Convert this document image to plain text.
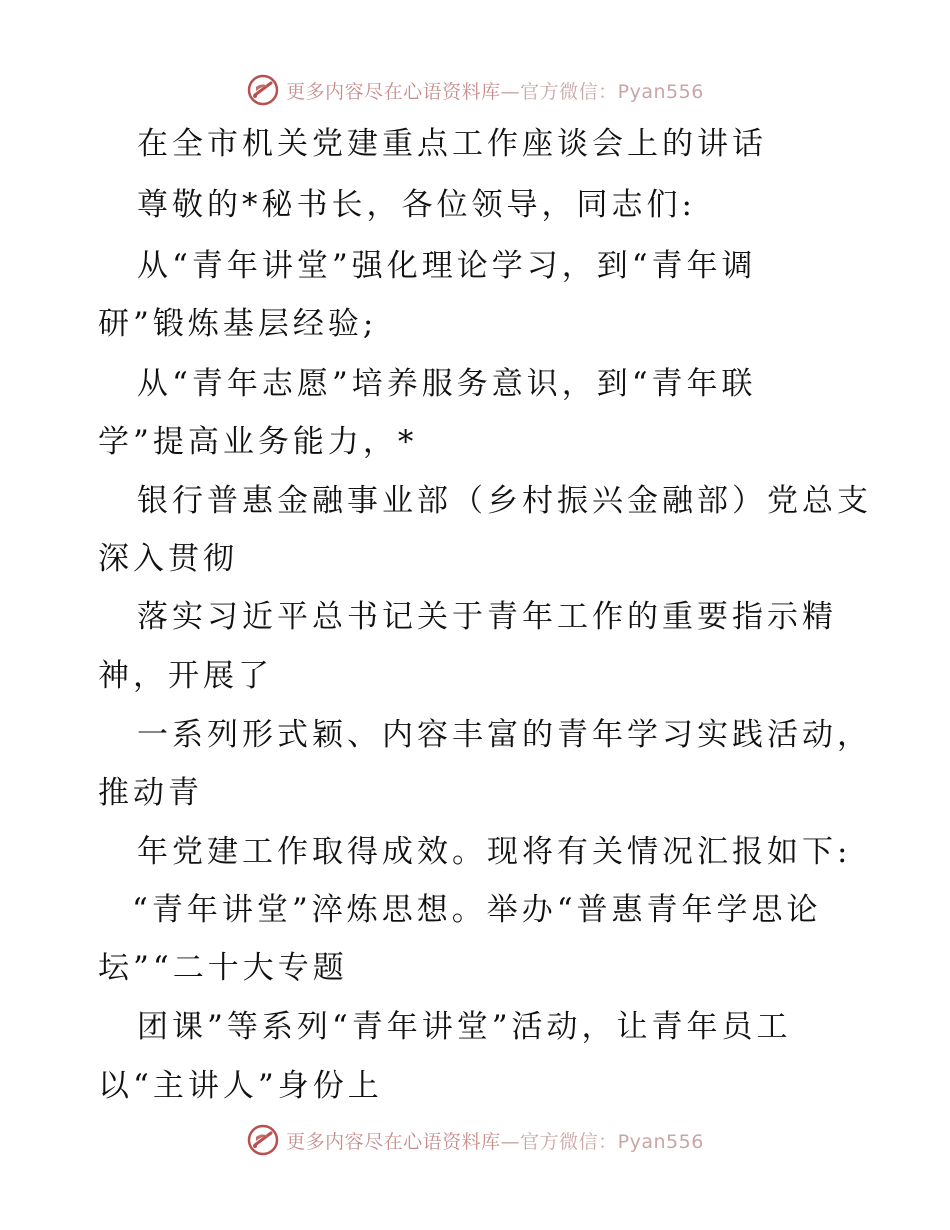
更多内容尽在心语资料库—官方微信：Pyan556
在全市机关党建重点工作座谈会上的讲话
尊敬的*秘书长，各位领导，同志们:
从“青年讲堂”强化理论学习，到“青年调
研”锻炼基层经验;
从“青年志愿”培养服务意识，到“青年联
学”提高业务能力，*
银行普惠金融事业部（乡村振兴金融部）党总支
深入贯彻
落实习近平总书记关于青年工作的重要指示精
神，开展了
一系列形式颖、内容丰富的青年学习实践活动，
推动青
年党建工作取得成效。现将有关情况汇报如下:
“青年讲堂”淬炼思想。举办“普惠青年学思论
坛”“二十大专题
团课”等系列“青年讲堂”活动，让青年员工
以“主讲人”身份上
更多内容尽在心语资料库—官方微信：Pyan556
